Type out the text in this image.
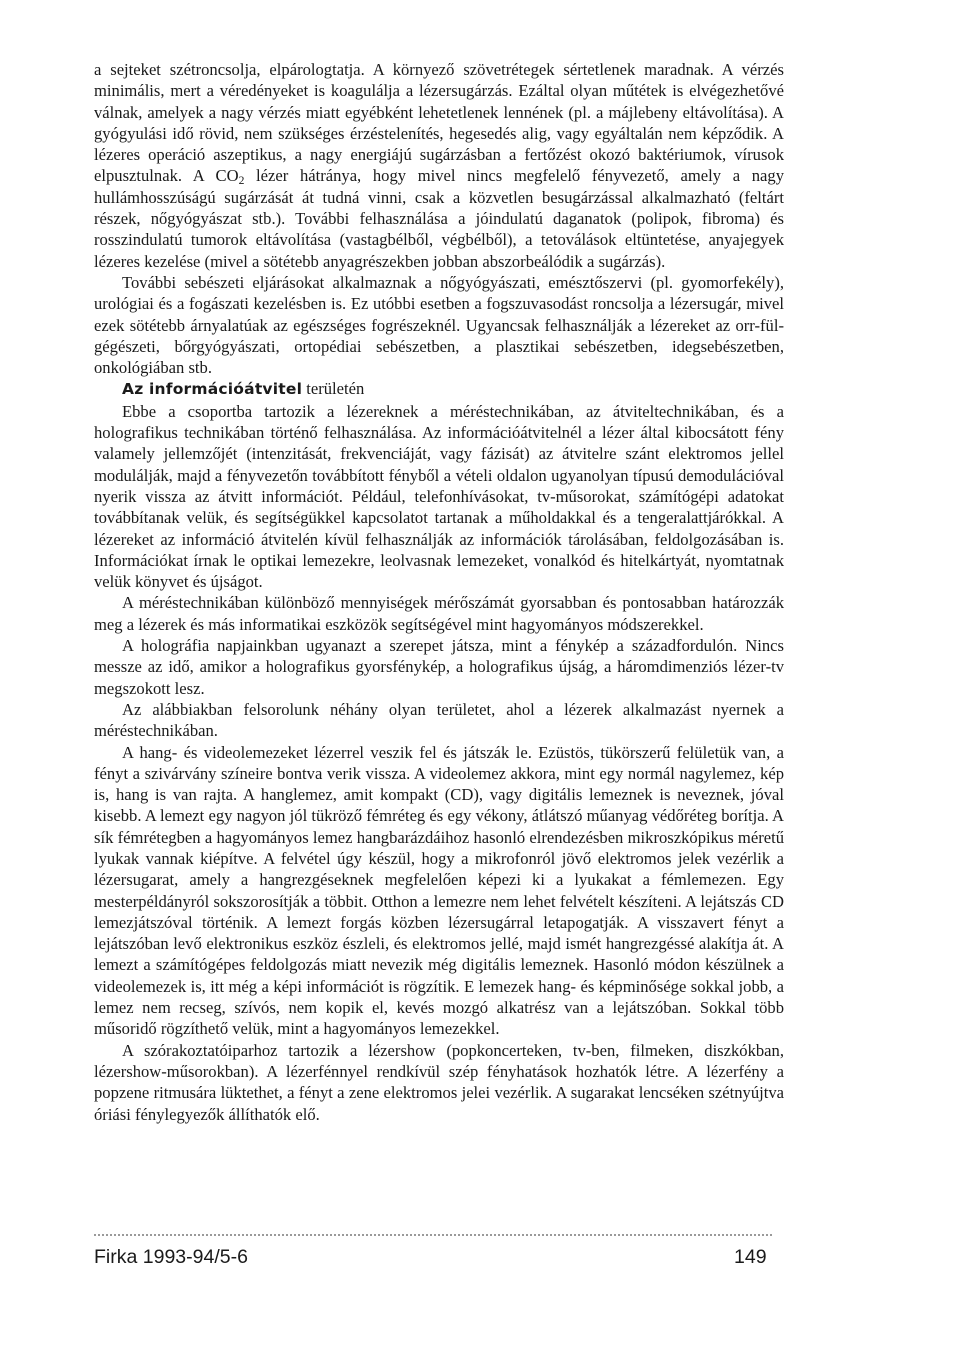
a sejteket szétroncsolja, elpárologtatja. A környező szövetrétegek sértetlenek maradnak. A vérzés minimális, mert a véredényeket is koagulálja a lézersugárzás. Ezáltal olyan műtétek is elvégezhetővé válnak, amelyek a nagy vérzés miatt egyébként lehetetlenek lennének (pl. a májlebeny eltávolítása). A gyógyulási idő rövid, nem szükséges érzéstelenítés, hegesedés alig, vagy egyáltalán nem képződik. A lézeres operáció aszeptikus, a nagy energiájú sugárzásban a fertőzést okozó baktériumok, vírusok elpusztulnak. A $CO_2$ lézer hátránya, hogy mivel nincs megfelelő fényvezető, amely a nagy hullámhosszúságú sugárzását át tudná vinni, csak a közvetlen besugárzással alkalmazható (feltárt részek, nőgyógyászat stb.). További felhasználása a jóindulatú daganatok (polipok, fibroma) és rosszindulatú tumorok eltávolítása (vastagbélből, végbélből), a tetoválások eltüntetése, anyajegyek lézeres kezelése (mivel a sötétebb anyagrészekben jobban abszorbeálódik a sugárzás).

További sebészeti eljárásokat alkalmaznak a nőgyógyászati, emésztőszervi (pl. gyomorfekély), urológiai és a fogászati kezelésben is. Ez utóbbi esetben a fogszuvasodást roncsolja a lézersugár, mivel ezek sötétebb árnyalatúak az egészséges fogrészeknél. Ugyancsak felhasználják a lézereket az orr-fül-gégészeti, bőrgyógyászati, ortopédiai sebészetben, a plasztikai sebészetben, idegsebészetben, onkológiában stb.

Az információátvitel területén

Ebbe a csoportba tartozik a lézereknek a méréstechnikában, az átviteltechnikában, és a holografikus technikában történő felhasználása. Az információátvitelnél a lézer által kibocsátott fény valamely jellemzőjét (intenzitását, frekvenciáját, vagy fázisát) az átvitelre szánt elektromos jellel modulálják, majd a fényvezetőn továbbított fényből a vételi oldalon ugyanolyan típusú demodulációval nyerik vissza az átvitt információt. Például, telefonhívásokat, tv-műsorokat, számítógépi adatokat továbbítanak velük, és segítségükkel kapcsolatot tartanak a műholdakkal és a tengeralattjárókkal. A lézereket az információ átvitelén kívül felhasználják az információk tárolásában, feldolgozásában is. Információkat írnak le optikai lemezekre, leolvasnak lemezeket, vonalkód és hitelkártyát, nyomtatnak velük könyvet és újságot.

A méréstechnikában különböző mennyiségek mérőszámát gyorsabban és pontosabban határozzák meg a lézerek és más informatikai eszközök segítségével mint hagyományos módszerekkel.

A holográfia napjainkban ugyanazt a szerepet játsza, mint a fénykép a századfordulón. Nincs messze az idő, amikor a holografikus gyorsfénykép, a holografikus újság, a háromdimenziós lézer-tv megszokott lesz.

Az alábbiakban felsorolunk néhány olyan területet, ahol a lézerek alkalmazást nyernek a méréstechnikában.

A hang- és videolemezeket lézerrel veszik fel és játszák le. Ezüstös, tükörszerű felületük van, a fényt a szivárvány színeire bontva verik vissza. A videolemez akkora, mint egy normál nagylemez, kép is, hang is van rajta. A hanglemez, amit kompakt (CD), vagy digitális lemeznek is neveznek, jóval kisebb. A lemezt egy nagyon jól tükröző fémréteg és egy vékony, átlátszó műanyag védőréteg borítja. A sík fémrétegben a hagyományos lemez hangbarázdáihoz hasonló elrendezésben mikroszkópikus méretű lyukak vannak kiépítve. A felvétel úgy készül, hogy a mikrofonról jövő elektromos jelek vezérlik a lézersugarat, amely a hangrezgéseknek megfelelően képezi ki a lyukakat a fémlemezen. Egy mesterpéldányról sokszorosítják a többit. Otthon a lemezre nem lehet felvételt készíteni. A lejátszás CD lemezjátszóval történik. A lemezt forgás közben lézersugárral letapogatják. A visszavert fényt a lejátszóban levő elektronikus eszköz észleli, és elektromos jellé, majd ismét hangrezgéssé alakítja át. A lemezt a számítógépes feldolgozás miatt nevezik még digitális lemeznek. Hasonló módon készülnek a videolemezek is, itt még a képi információt is rögzítik. E lemezek hang- és képminősége sokkal jobb, a lemez nem recseg, szívós, nem kopik el, kevés mozgó alkatrész van a lejátszóban. Sokkal több műsoridő rögzíthető velük, mint a hagyományos lemezekkel.

A szórakoztatóiparhoz tartozik a lézershow (popkoncerteken, tv-ben, filmeken, diszkókban, lézershow-műsorokban). A lézerfénnyel rendkívül szép fényhatások hozhatók létre. A lézerfény a popzene ritmusára lüktethet, a fényt a zene elektromos jelei vezérlik. A sugarakat lencséken szétnyújtva óriási fénylegyezők állíthatók elő.

Firka 1993-94/5-6	149
